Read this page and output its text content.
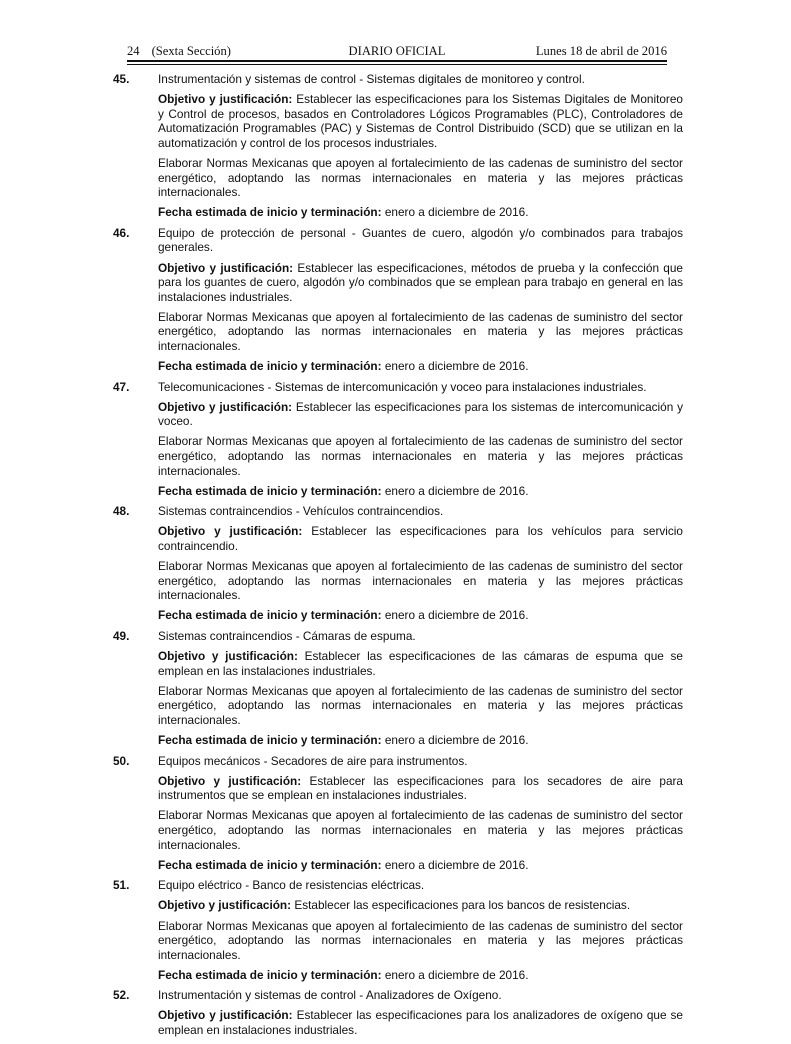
24 (Sexta Sección)	DIARIO OFICIAL	Lunes 18 de abril de 2016
45. Instrumentación y sistemas de control - Sistemas digitales de monitoreo y control.

Objetivo y justificación: Establecer las especificaciones para los Sistemas Digitales de Monitoreo y Control de procesos, basados en Controladores Lógicos Programables (PLC), Controladores de Automatización Programables (PAC) y Sistemas de Control Distribuido (SCD) que se utilizan en la automatización y control de los procesos industriales.

Elaborar Normas Mexicanas que apoyen al fortalecimiento de las cadenas de suministro del sector energético, adoptando las normas internacionales en materia y las mejores prácticas internacionales.

Fecha estimada de inicio y terminación: enero a diciembre de 2016.

46. Equipo de protección de personal - Guantes de cuero, algodón y/o combinados para trabajos generales.

Objetivo y justificación: Establecer las especificaciones, métodos de prueba y la confección que para los guantes de cuero, algodón y/o combinados que se emplean para trabajo en general en las instalaciones industriales.

Elaborar Normas Mexicanas que apoyen al fortalecimiento de las cadenas de suministro del sector energético, adoptando las normas internacionales en materia y las mejores prácticas internacionales.

Fecha estimada de inicio y terminación: enero a diciembre de 2016.

47. Telecomunicaciones - Sistemas de intercomunicación y voceo para instalaciones industriales.

Objetivo y justificación: Establecer las especificaciones para los sistemas de intercomunicación y voceo.

Elaborar Normas Mexicanas que apoyen al fortalecimiento de las cadenas de suministro del sector energético, adoptando las normas internacionales en materia y las mejores prácticas internacionales.

Fecha estimada de inicio y terminación: enero a diciembre de 2016.

48. Sistemas contraincendios - Vehículos contraincendios.

Objetivo y justificación: Establecer las especificaciones para los vehículos para servicio contraincendio.

Elaborar Normas Mexicanas que apoyen al fortalecimiento de las cadenas de suministro del sector energético, adoptando las normas internacionales en materia y las mejores prácticas internacionales.

Fecha estimada de inicio y terminación: enero a diciembre de 2016.

49. Sistemas contraincendios - Cámaras de espuma.

Objetivo y justificación: Establecer las especificaciones de las cámaras de espuma que se emplean en las instalaciones industriales.

Elaborar Normas Mexicanas que apoyen al fortalecimiento de las cadenas de suministro del sector energético, adoptando las normas internacionales en materia y las mejores prácticas internacionales.

Fecha estimada de inicio y terminación: enero a diciembre de 2016.

50. Equipos mecánicos - Secadores de aire para instrumentos.

Objetivo y justificación: Establecer las especificaciones para los secadores de aire para instrumentos que se emplean en instalaciones industriales.

Elaborar Normas Mexicanas que apoyen al fortalecimiento de las cadenas de suministro del sector energético, adoptando las normas internacionales en materia y las mejores prácticas internacionales.

Fecha estimada de inicio y terminación: enero a diciembre de 2016.

51. Equipo eléctrico - Banco de resistencias eléctricas.

Objetivo y justificación: Establecer las especificaciones para los bancos de resistencias.

Elaborar Normas Mexicanas que apoyen al fortalecimiento de las cadenas de suministro del sector energético, adoptando las normas internacionales en materia y las mejores prácticas internacionales.

Fecha estimada de inicio y terminación: enero a diciembre de 2016.

52. Instrumentación y sistemas de control - Analizadores de Oxígeno.

Objetivo y justificación: Establecer las especificaciones para los analizadores de oxígeno que se emplean en instalaciones industriales.
